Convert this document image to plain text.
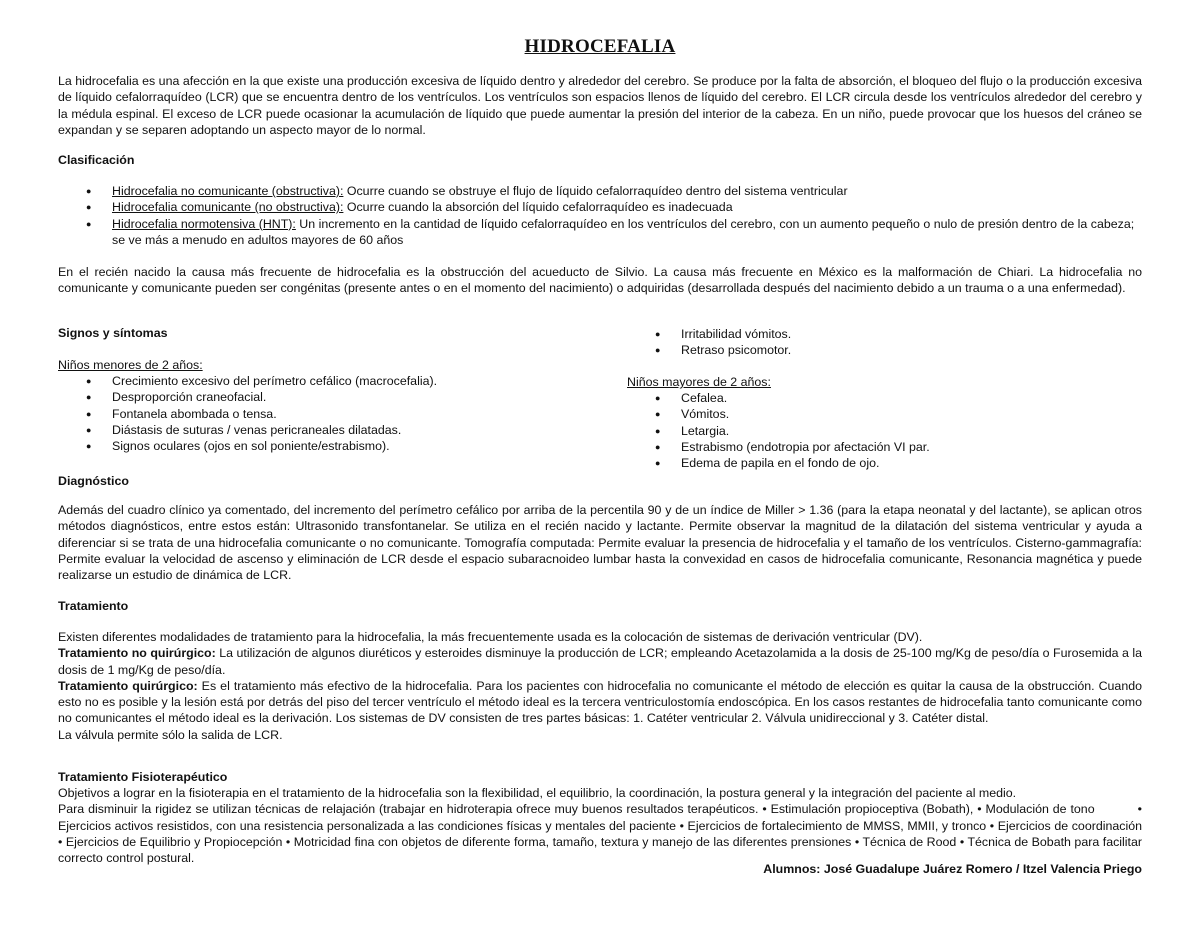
HIDROCEFALIA

La hidrocefalia es una afección en la que existe una producción excesiva de líquido dentro y alrededor del cerebro. Se produce por la falta de absorción, el bloqueo del flujo o la producción excesiva de líquido cefalorraquídeo (LCR) que se encuentra dentro de los ventrículos. Los ventrículos son espacios llenos de líquido del cerebro. El LCR circula desde los ventrículos alrededor del cerebro y la médula espinal. El exceso de LCR puede ocasionar la acumulación de líquido que puede aumentar la presión del interior de la cabeza. En un niño, puede provocar que los huesos del cráneo se expandan y se separen adoptando un aspecto mayor de lo normal.

Clasificación

● Hidrocefalia no comunicante (obstructiva): Ocurre cuando se obstruye el flujo de líquido cefalorraquídeo dentro del sistema ventricular
● Hidrocefalia comunicante (no obstructiva): Ocurre cuando la absorción del líquido cefalorraquídeo es inadecuada
● Hidrocefalia normotensiva (HNT): Un incremento en la cantidad de líquido cefalorraquídeo en los ventrículos del cerebro, con un aumento pequeño o nulo de presión dentro de la cabeza; se ve más a menudo en adultos mayores de 60 años

En el recién nacido la causa más frecuente de hidrocefalia es la obstrucción del acueducto de Silvio. La causa más frecuente en México es la malformación de Chiari. La hidrocefalia no comunicante y comunicante pueden ser congénitas (presente antes o en el momento del nacimiento) o adquiridas (desarrollada después del nacimiento debido a un trauma o a una enfermedad).

Signos y síntomas

Niños menores de 2 años:

● Crecimiento excesivo del perímetro cefálico (macrocefalia).
● Desproporción craneofacial.
● Fontanela abombada o tensa.
● Diástasis de suturas / venas pericraneales dilatadas.
● Signos oculares (ojos en sol poniente/estrabismo).
● Irritabilidad vómitos.
● Retraso psicomotor.

Niños mayores de 2 años:

● Cefalea.
● Vómitos.
● Letargia.
● Estrabismo (endotropia por afectación VI par.
● Edema de papila en el fondo de ojo.

Diagnóstico

Además del cuadro clínico ya comentado, del incremento del perímetro cefálico por arriba de la percentila 90 y de un índice de Miller > 1.36 (para la etapa neonatal y del lactante), se aplican otros métodos diagnósticos, entre estos están: Ultrasonido transfontanelar. Se utiliza en el recién nacido y lactante. Permite observar la magnitud de la dilatación del sistema ventricular y ayuda a diferenciar si se trata de una hidrocefalia comunicante o no comunicante. Tomografía computada: Permite evaluar la presencia de hidrocefalia y el tamaño de los ventrículos. Cisterno-gammagrafía: Permite evaluar la velocidad de ascenso y eliminación de LCR desde el espacio subaracnoideo lumbar hasta la convexidad en casos de hidrocefalia comunicante, Resonancia magnética y puede realizarse un estudio de dinámica de LCR.

Tratamiento

Existen diferentes modalidades de tratamiento para la hidrocefalia, la más frecuentemente usada es la colocación de sistemas de derivación ventricular (DV).

Tratamiento no quirúrgico: La utilización de algunos diuréticos y esteroides disminuye la producción de LCR; empleando Acetazolamida a la dosis de 25-100 mg/Kg de peso/día o Furosemida a la dosis de 1 mg/Kg de peso/día.

Tratamiento quirúrgico: Es el tratamiento más efectivo de la hidrocefalia. Para los pacientes con hidrocefalia no comunicante el método de elección es quitar la causa de la obstrucción. Cuando esto no es posible y la lesión está por detrás del piso del tercer ventrículo el método ideal es la tercera ventriculostomía endoscópica. En los casos restantes de hidrocefalia tanto comunicante como no comunicantes el método ideal es la derivación. Los sistemas de DV consisten de tres partes básicas: 1. Catéter ventricular 2. Válvula unidireccional y 3. Catéter distal.

La válvula permite sólo la salida de LCR.

Tratamiento Fisioterapéutico

Objetivos a lograr en la fisioterapia en el tratamiento de la hidrocefalia son la flexibilidad, el equilibrio, la coordinación, la postura general y la integración del paciente al medio.

Para disminuir la rigidez se utilizan técnicas de relajación (trabajar en hidroterapia ofrece muy buenos resultados terapéuticos. • Estimulación propioceptiva (Bobath), • Modulación de tono           • Ejercicios activos resistidos, con una resistencia personalizada a las condiciones físicas y mentales del paciente • Ejercicios de fortalecimiento de MMSS, MMII, y tronco • Ejercicios de coordinación • Ejercicios de Equilibrio y Propiocepción • Motricidad fina con objetos de diferente forma, tamaño, textura y manejo de las diferentes prensiones • Técnica de Rood • Técnica de Bobath para facilitar correcto control postural.

Alumnos: José Guadalupe Juárez Romero / Itzel Valencia Priego
